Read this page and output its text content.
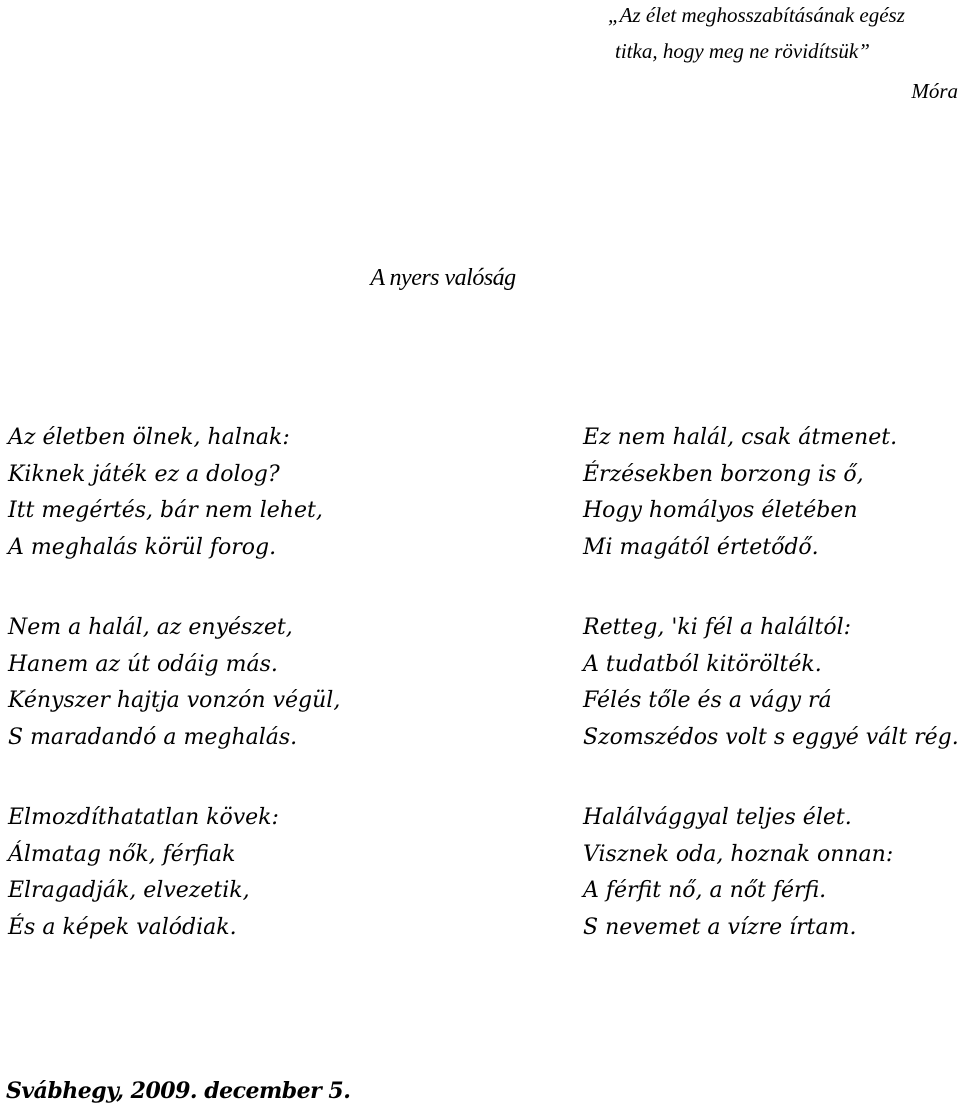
„Az élet meghosszabításának egész
titka, hogy meg ne rövidítsük”
Móra
A nyers valóság
Az életben ölnek, halnak:
Kiknek játék ez a dolog?
Itt megértés, bár nem lehet,
A meghalás körül forog.
Nem a halál, az enyészet,
Hanem az út odáig más.
Kényszer hajtja vonzón végül,
S maradandó a meghalás.
Elmozdíthatatlan kövek:
Álmatag nők, férfiak
Elragadják, elvezetik,
És a képek valódiak.
Ez nem halál, csak átmenet.
Érzésekben borzong is ő,
Hogy homályos életében
Mi magától értetődő.
Retteg, 'ki fél a haláltól:
A tudatból kitörölték.
Félés tőle és a vágy rá
Szomszédos volt s eggyé vált rég.
Halálvággyal teljes élet.
Visznek oda, hoznak onnan:
A férfit nő, a nőt férfi.
S nevemet a vízre írtam.
Svábhegy, 2009. december 5.
